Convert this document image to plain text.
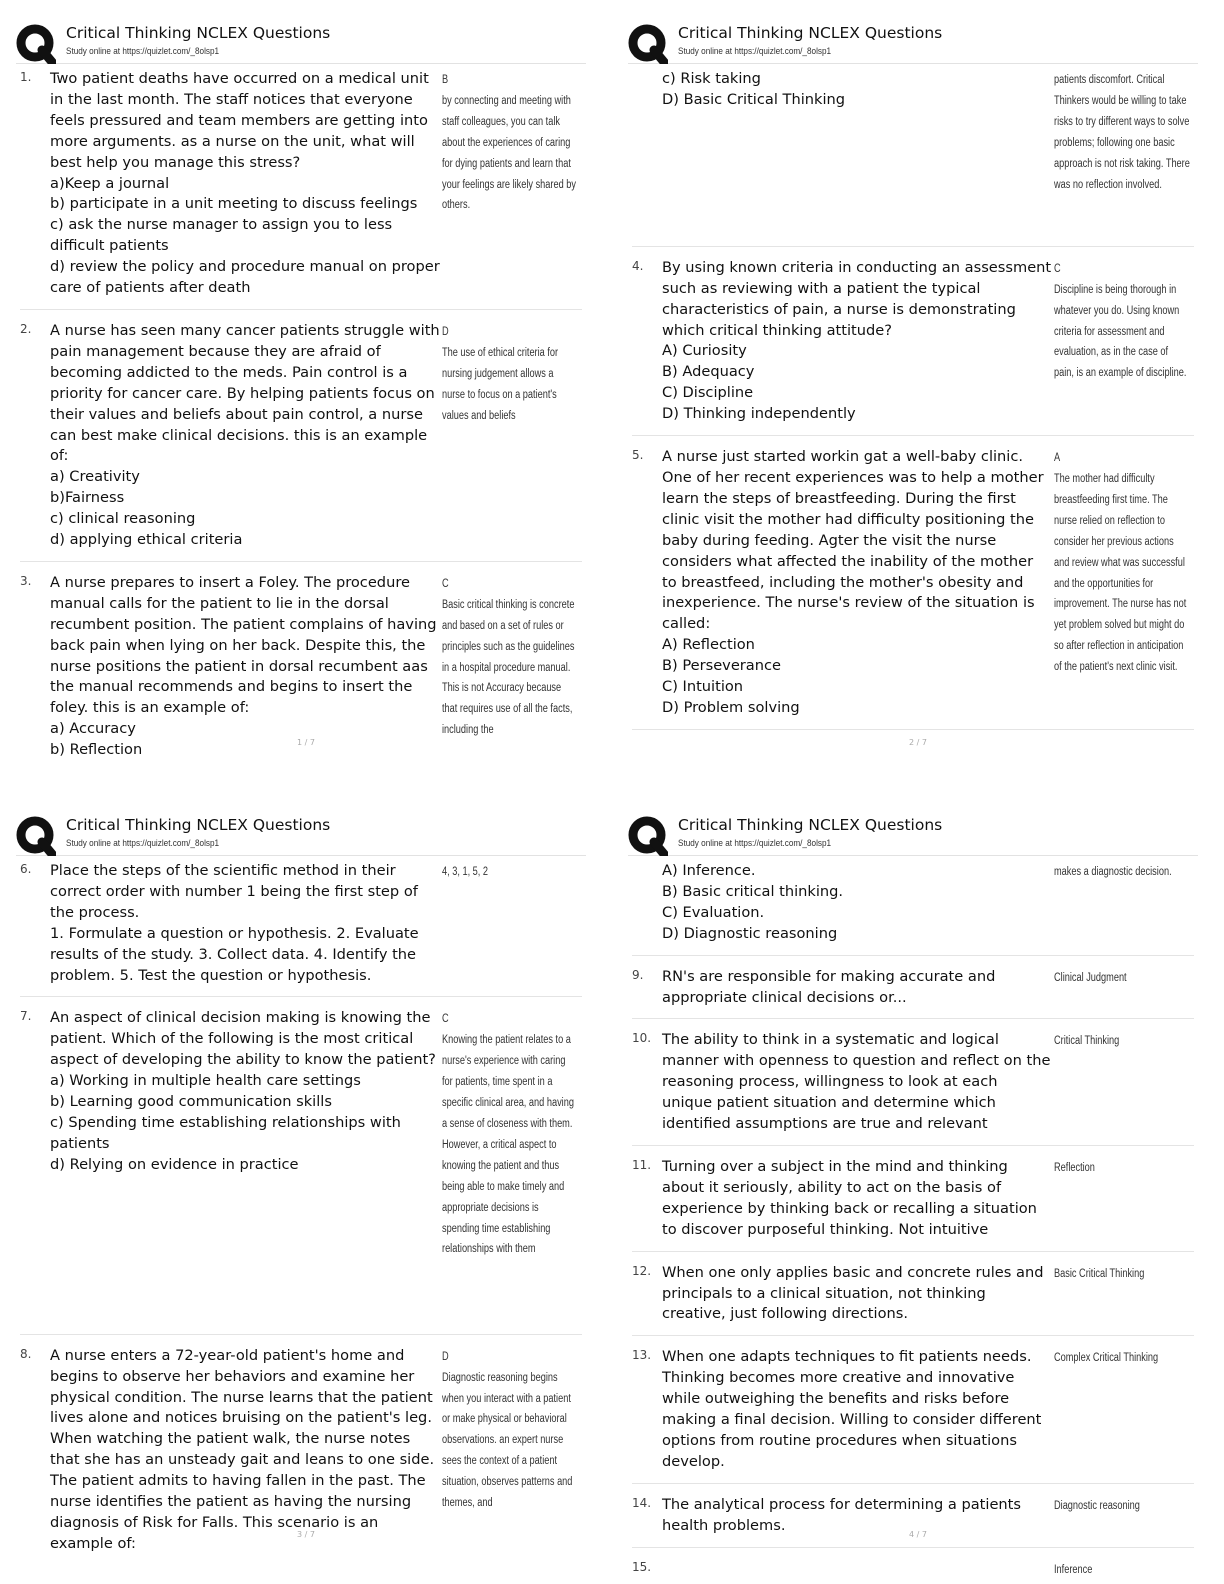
Critical Thinking NCLEX Questions
Study online at https://quizlet.com/_8olsp1
1. Two patient deaths have occurred on a medical unit in the last month. The staff notices that everyone feels pressured and team members are getting into more arguments. as a nurse on the unit, what will best help you manage this stress?

a)Keep a journal

b) participate in a unit meeting to discuss feelings

c) ask the nurse manager to assign you to less difficult patients

d) review the policy and procedure manual on proper care of patients after death

B
by connecting and meeting with staff colleagues, you can talk about the experiences of caring for dying patients and learn that your feelings are likely shared by others.
2. A nurse has seen many cancer patients struggle with pain management because they are afraid of becoming addicted to the meds. Pain control is a priority for cancer care. By helping patients focus on their values and beliefs about pain control, a nurse can best make clinical decisions. this is an example of:

a) Creativity

b)Fairness

c) clinical reasoning

d) applying ethical criteria

D
The use of ethical criteria for nursing judgement allows a nurse to focus on a patient's values and beliefs
3. A nurse prepares to insert a Foley. The procedure manual calls for the patient to lie in the dorsal recumbent position. The patient complains of having back pain when lying on her back. Despite this, the nurse positions the patient in dorsal recumbent aas the manual recommends and begins to insert the foley. this is an example of:

a) Accuracy

b) Reflection

C
Basic critical thinking is concrete and based on a set of rules or principles such as the guidelines in a hospital procedure manual. This is not Accuracy because that requires use of all the facts, including the
1 / 7
Critical Thinking NCLEX Questions
Study online at https://quizlet.com/_8olsp1

c) Risk taking

D) Basic Critical Thinking

patients discomfort. Critical Thinkers would be willing to take risks to try different ways to solve problems; following one basic approach is not risk taking. There was no reflection involved.
4. By using known criteria in conducting an assessment such as reviewing with a patient the typical characteristics of pain, a nurse is demonstrating which critical thinking attitude?

A) Curiosity

B) Adequacy

C) Discipline

D) Thinking independently

C
Discipline is being thorough in whatever you do. Using known criteria for assessment and evaluation, as in the case of pain, is an example of discipline.
5. A nurse just started workin gat a well-baby clinic. One of her recent experiences was to help a mother learn the steps of breastfeeding. During the first clinic visit the mother had difficulty positioning the baby during feeding. Agter the visit the nurse considers what affected the inability of the mother to breastfeed, including the mother's obesity and inexperience. The nurse's review of the situation is called:

A) Reflection

B) Perseverance

C) Intuition

D) Problem solving

A
The mother had difficulty breastfeeding first time. The nurse relied on reflection to consider her previous actions and review what was successful and the opportunities for improvement. The nurse has not yet problem solved but might do so after reflection in anticipation of the patient's next clinic visit.
2 / 7
Critical Thinking NCLEX Questions
Study online at https://quizlet.com/_8olsp1
6. Place the steps of the scientific method in their correct order with number 1 being the first step of the process.

1. Formulate a question or hypothesis. 2. Evaluate results of the study. 3. Collect data. 4. Identify the problem. 5. Test the question or hypothesis.

4, 3, 1, 5, 2
7. An aspect of clinical decision making is knowing the patient. Which of the following is the most critical aspect of developing the ability to know the patient?

a) Working in multiple health care settings

b) Learning good communication skills

c) Spending time establishing relationships with patients

d) Relying on evidence in practice

C
Knowing the patient relates to a nurse's experience with caring for patients, time spent in a specific clinical area, and having a sense of closeness with them. However, a critical aspect to knowing the patient and thus being able to make timely and appropriate decisions is spending time establishing relationships with them
8. A nurse enters a 72-year-old patient's home and begins to observe her behaviors and examine her physical condition. The nurse learns that the patient lives alone and notices bruising on the patient's leg. When watching the patient walk, the nurse notes that she has an unsteady gait and leans to one side. The patient admits to having fallen in the past. The nurse identifies the patient as having the nursing diagnosis of Risk for Falls. This scenario is an example of:

D
Diagnostic reasoning begins when you interact with a patient or make physical or behavioral observations. an expert nurse sees the context of a patient situation, observes patterns and themes, and
3 / 7
Critical Thinking NCLEX Questions
Study online at https://quizlet.com/_8olsp1

A) Inference.

B) Basic critical thinking.

C) Evaluation.

D) Diagnostic reasoning

makes a diagnostic decision.
9. RN's are responsible for making accurate and appropriate clinical decisions or...

Clinical Judgment
10. The ability to think in a systematic and logical manner with openness to question and reflect on the reasoning process, willingness to look at each unique patient situation and determine which identified assumptions are true and relevant

Critical Thinking
11. Turning over a subject in the mind and thinking about it seriously, ability to act on the basis of experience by thinking back or recalling a situation to discover purposeful thinking. Not intuitive

Reflection
12. When one only applies basic and concrete rules and principals to a clinical situation, not thinking creative, just following directions.

Basic Critical Thinking
13. When one adapts techniques to fit patients needs. Thinking becomes more creative and innovative while outweighing the benefits and risks before making a final decision. Willing to consider different options from routine procedures when situations develop.

Complex Critical Thinking
14. The analytical process for determining a patients health problems.

Diagnostic reasoning
15.	Inference
4 / 7
